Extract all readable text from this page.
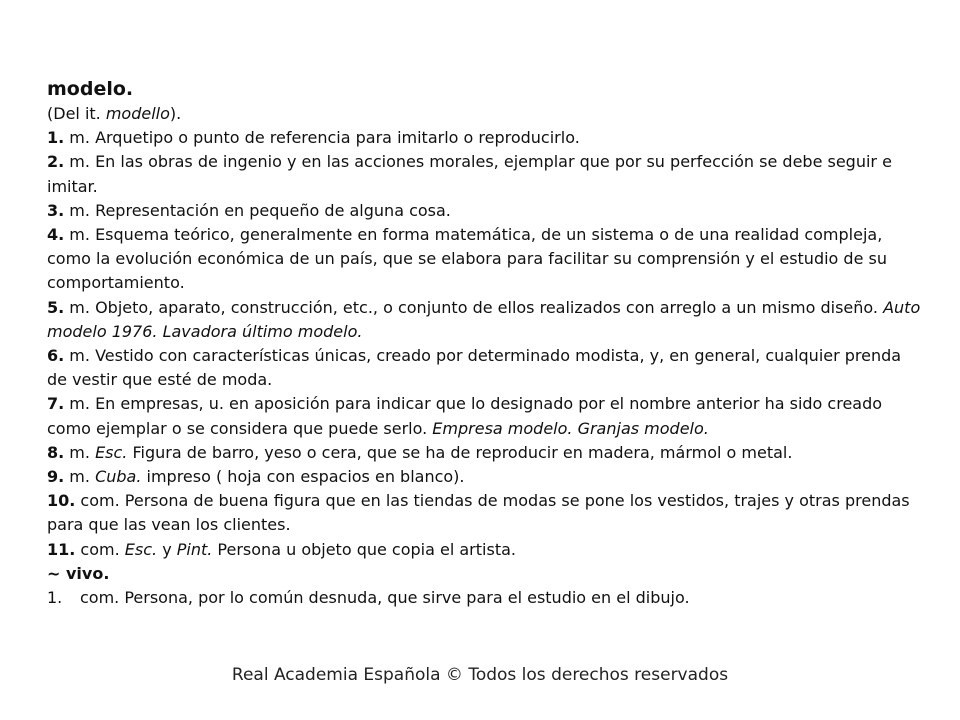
modelo.

(Del it. modello).

1. m. Arquetipo o punto de referencia para imitarlo o reproducirlo.

2. m. En las obras de ingenio y en las acciones morales, ejemplar que por su perfección se debe seguir e imitar.

3. m. Representación en pequeño de alguna cosa.

4. m. Esquema teórico, generalmente en forma matemática, de un sistema o de una realidad compleja, como la evolución económica de un país, que se elabora para facilitar su comprensión y el estudio de su comportamiento.

5. m. Objeto, aparato, construcción, etc., o conjunto de ellos realizados con arreglo a un mismo diseño. Auto modelo 1976. Lavadora último modelo.

6. m. Vestido con características únicas, creado por determinado modista, y, en general, cualquier prenda de vestir que esté de moda.

7. m. En empresas, u. en aposición para indicar que lo designado por el nombre anterior ha sido creado como ejemplar o se considera que puede serlo. Empresa modelo. Granjas modelo.

8. m. Esc. Figura de barro, yeso o cera, que se ha de reproducir en madera, mármol o metal.

9. m. Cuba. impreso ( hoja con espacios en blanco).

10. com. Persona de buena figura que en las tiendas de modas se pone los vestidos, trajes y otras prendas para que las vean los clientes.

11. com. Esc. y Pint. Persona u objeto que copia el artista.

~ vivo.
1.	com. Persona, por lo común desnuda, que sirve para el estudio en el dibujo.
Real Academia Española © Todos los derechos reservados
